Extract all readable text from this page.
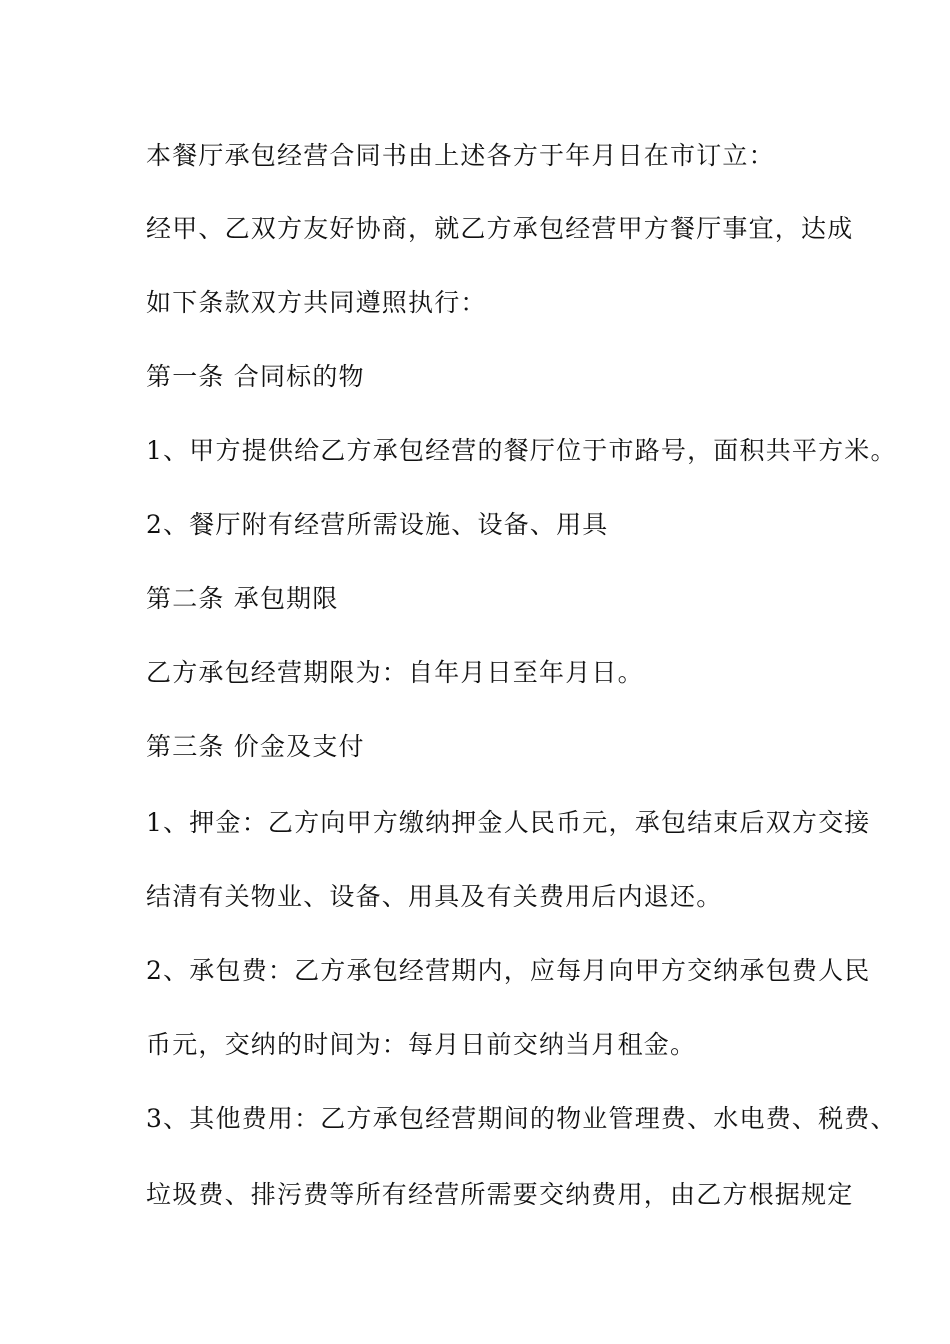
本餐厅承包经营合同书由上述各方于年月日在市订立：
经甲、乙双方友好协商，就乙方承包经营甲方餐厅事宜，达成
如下条款双方共同遵照执行：
第一条 合同标的物
1、甲方提供给乙方承包经营的餐厅位于市路号，面积共平方米。
2、餐厅附有经营所需设施、设备、用具
第二条 承包期限
乙方承包经营期限为：自年月日至年月日。
第三条 价金及支付
1、押金：乙方向甲方缴纳押金人民币元，承包结束后双方交接
结清有关物业、设备、用具及有关费用后内退还。
2、承包费：乙方承包经营期内，应每月向甲方交纳承包费人民
币元，交纳的时间为：每月日前交纳当月租金。
3、其他费用：乙方承包经营期间的物业管理费、水电费、税费、
垃圾费、排污费等所有经营所需要交纳费用，由乙方根据规定
